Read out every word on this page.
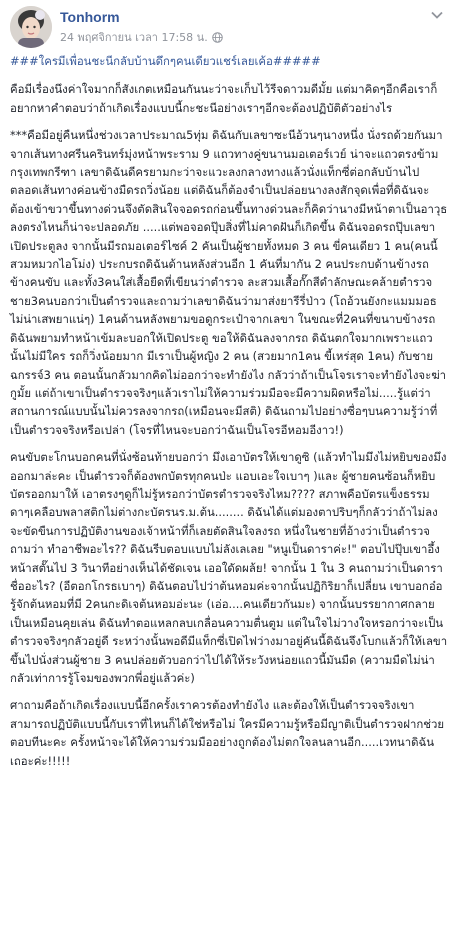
Tonhorm
24 พฤศจิกายน เวลา 17:58 น.

###ใครมีเพื่อนชะนีกลับบ้านดึกๆคนเดียวแชร์เลยเค้อ#####

คือมีเรื่องนึงค่าใจมากก็สังเกตเหมือนกันนะว่าจะเก็บไว้รีจดาวมดีมั้ย แต่มาคิดๆอีกคือเราก็อยากหาคำตอบว่าถ้าเกิดเรื่องแบบนี้กะชะนีอย่างเราๆอีกจะต้องปฏิบัติตัวอย่างไร

***คือมีอยู่คืนหนึ่งช่วงเวลาประมาณ5ทุ่ม ดิฉันกับเลขาซะนีอ้วนๆนางหนึ่ง นั่งรถด้วยกันมาจากเส้นทางศรีนครินทร์มุ่งหน้าพระราม 9 แถวทางคู่ขนานมอเตอร์เวย์ น่าจะแถวตรงข้ามกรุงเทพกรีฑา เลขาดิฉันดีครยามกะว่าจะแวะลงกลางทางแล้วนั่งแท็กซี่ต่อกลับบ้านไป ตลอดเส้นทางค่อนข้างมืดรถวิ่งน้อย แต่ดิฉันก็ต้องจำเป็นปล่อยนางลงสักจุดเพื่อที่ดิฉันจะต้องเข้าขวาขึ้นทางด่วนจึงตัดสินใจจอดรถก่อนขึ้นทางด่วนละก็คิดว่านางมีหน้าตาเป็นอาวุธลงตรงไหนก็น่าจะปลอดภัย .....แต่พอจอดปุ๊บสิ่งที่ไม่คาดฝันก็เกิดขึ้น ดิฉันจอดรถปุ๊บเลขาเปิดประตูลง จากนั้นมีรถมอเตอร์ไซค์ 2 คันเป็นผู้ชายทั้งหมด 3 คน ขี่คนเดียว 1 คน(คนนี้สวมหมวกไอโม่ง) ประกบรถดิฉันด้านหลังส่วนอีก 1 คันที่มากัน 2 คนประกบด้านข้างรถข้างคนขับ และทั้ง3คนใส่เสื้อยืดที่เขียนว่าตำรวจ ละสวมเสื้อกั๊กสีดำลักษณะคล้ายตำรวจ ชาย3คนบอกว่าเป็นตำรวจและถามว่าเลขาดิฉันว่ามาส่งยารีรี่ป่าว (โถอ้วนยังกะแมมมอธไม่น่าเสพยาแน่ๆ) 1คนด้านหลังพยามขอดูกระเป๋าจากเลขา ในขณะที่2คนที่ขนาบข้างรถดิฉันพยามทำหน้าเข้มละบอกให้เปิดประตู ขอให้ดิฉันลงจากรถ ดิฉันตกใจมากเพราะแถวนั้นไม่มีใคร รถก็วิ่งน้อยมาก มีเราเป็นผู้หญิง 2 คน (สวยมาก1คน ขี้เหร่สุด 1คน) กับชายฉกรรจ์3 คน ตอนนั้นกลัวมากคิดไม่ออกว่าจะทำยังไง กลัวว่าถ้าเป็นโจรเราจะทำยังไงจะฆ่ากูมั้ย แต่ถ้าเขาเป็นตำรวจจริงๆแล้วเราไม่ให้ความร่วมมือจะมีความผิดหรือไม่.....รู้แต่ว่าสถานการณ์แบบนั้นไม่ควรลงจากรถ(เหมือนจะมีสติ) ดิฉันถามไปอย่างซื่อๆบนความรู้ว่าที่เป็นตำรวจจริงหรือเปล่า (โจรที่ไหนจะบอกว่าฉันเป็นโจรอีหอมอีงาว!)

คนขับตะโกนบอกคนที่นั่งซ้อนท้ายบอกว่า มึงเอาบัตรให้เขาดูซิ (แล้วทำไมมึงไม่หยิบของมึงออกมาล่ะคะ เป็นตำรวจก็ต้องพกบัตรทุกคนป่ะ แอบเอะใจเบาๆ )และ ผู้ชายคนซ้อนก็หยิบบัตรออกมาให้ เอาตรงๆดูก็ไม่รู้หรอกว่าบัตรตำรวจจริงไหม???? สภาพคือบัตรแข็งธรรมดาๆเคลือบพลาสติกไม่ต่างกะบัตรนร.ม.ต้น........ ดิฉันได้แต่มองตาปริบๆก็กลัวว่าถ้าไม่ลงจะขัดขืนการปฏิบัติงานของเจ้าหน้าที่ก็เลยตัดสินใจลงรถ หนึ่งในชายที่อ้างว่าเป็นตำรวจถามว่า ทำอาชีพอะไร?? ดิฉันรีบตอบแบบไม่ลังเลเลย "หนูเป็นดาราค่ะ!" ตอบไปปุ๊บเขาอึ้ง หน้าสตั๊นไป 3 วินาทีอย่างเห็นได้ชัดเจน เออใดัดผล้ย! จากนั้น 1 ใน 3 คนถามว่าเป็นดาราชื่ออะไร? (อีตอกโกรธเบาๆ) ดิฉันตอบไปว่าต้นหอมค่ะจากนั้นปฏิกิริยาก็เปลี่ยน เขาบอกอ๋อรู้จักต้นหอมที่มี 2คนกะดิเจต้นหอมอ่ะนะ (เอ่อ....คนเดียวกันมะ) จากนั้นบรรยากาศกลายเป็นเหมือนคุยเล่น ดิฉันทำตอแหลกลบเกลื่อนความตื่นตูม แต่ในใจไม่วางใจหรอกว่าจะเป็นตำรวจจริงๆกลัวอยู่ดี ระหว่างนั้นพอดีมีแท็กซี่เปิดไฟว่างมาอยู่คันนี้ดิฉันจึงโบกแล้วก็ให้เลขาขึ้นไปนั่งส่วนผู้ชาย 3 คนปล่อยตัวบอกว่าไปได้ให้ระวังหน่อยแถวนี้มันมืด (ความมืดไม่น่ากลัวเท่าการรู้โจมของพวกพี่อยู่แล้วค่ะ)

ศาถามคือถ้าเกิดเรื่องแบบนี้อีกครั้งเราควรต้องทำยังไง และต้องให้เป็นตำรวจจริงเขาสามารถปฏิบัติแบบนี้กับเราที่ไหนก็ได้ใช่หรือไม่ ใครมีความรู้หรือมีญาติเป็นตำรวจฝากช่วยตอบทีนะคะ ครั้งหน้าจะได้ให้ความร่วมมืออย่างถูกต้องไม่ตกใจลนลานอีก.....เวทนาดิฉันเถอะค่ะ!!!!!
